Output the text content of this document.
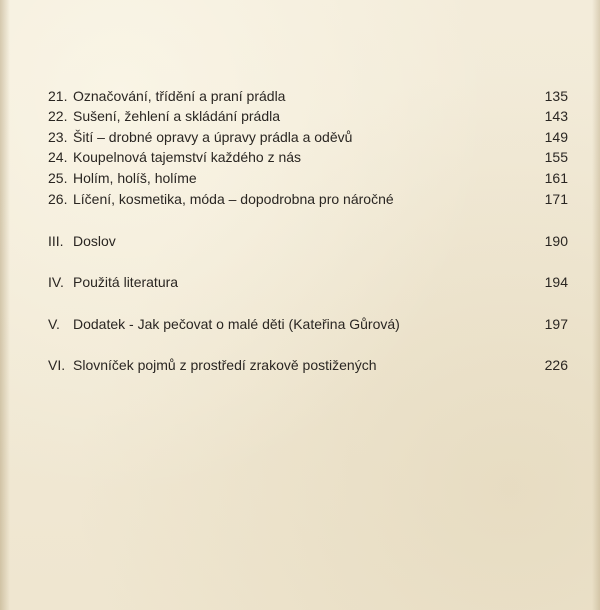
21. Označování, třídění a praní prádla	135
22. Sušení, žehlení a skládání prádla	143
23. Šití – drobné opravy a úpravy prádla a oděvů	149
24. Koupelnová tajemství každého z nás	155
25. Holím, holíš, holíme	161
26. Líčení, kosmetika, móda – dopodrobna pro náročné	171
III. Doslov	190
IV. Použitá literatura	194
V. Dodatek - Jak pečovat o malé děti (Kateřina Gůrová)	197
VI. Slovníček pojmů z prostředí zrakově postižených	226
